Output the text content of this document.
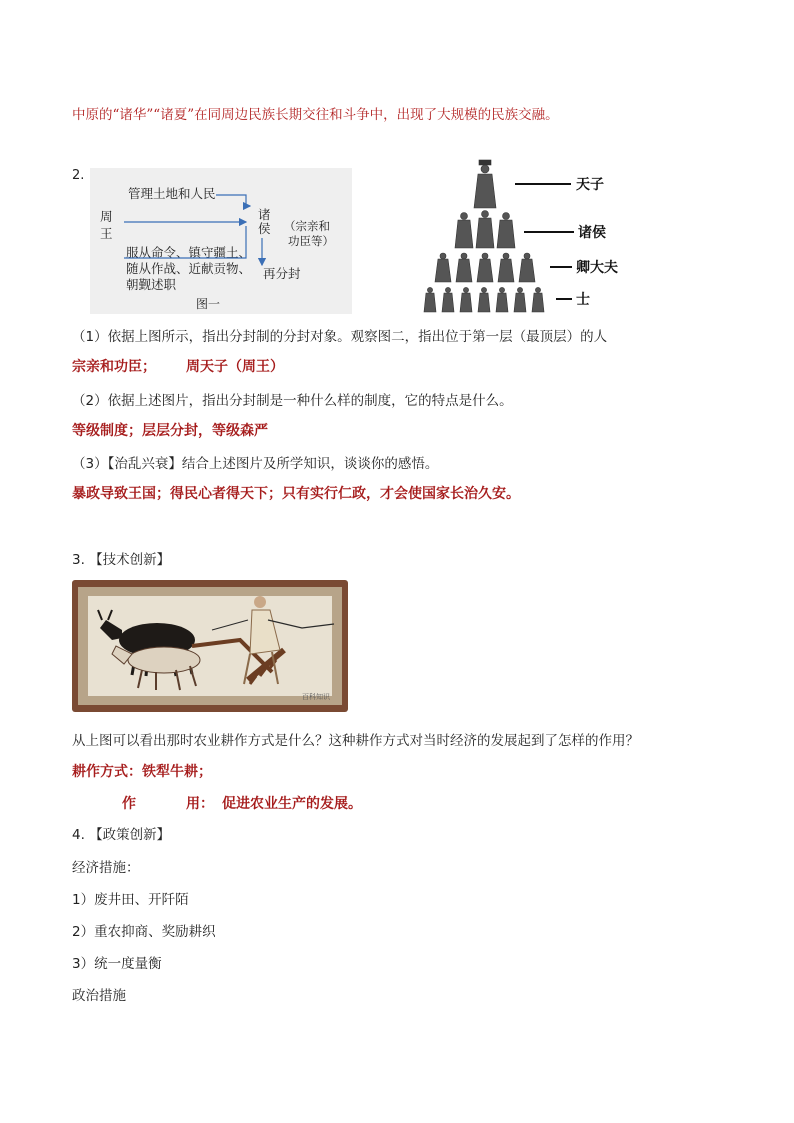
中原的“诸华”“诸夏”在同周边民族长期交往和斗争中，出现了大规模的民族交融。
2.
周
王
管理土地和人民
诸
侯 （宗亲和
功臣等）
服从命令、镇守疆土、
随从作战、近献贡物、
朝觐述职
再分封
图一
天子
诸侯
卿大夫
士
（1）依据上图所示，指出分封制的分封对象。观察图二，指出位于第一层（最顶层）的人
宗亲和功臣； 周天子（周王）
（2）依据上述图片，指出分封制是一种什么样的制度，它的特点是什么。
等级制度；层层分封，等级森严
（3）【治乱兴衰】结合上述图片及所学知识，谈谈你的感悟。
暴政导致王国；得民心者得天下；只有实行仁政，才会使国家长治久安。
3. 【技术创新】
百科知识
从上图可以看出那时农业耕作方式是什么？这种耕作方式对当时经济的发展起到了怎样的作用？
耕作方式：铁犁牛耕；
作	用： 促进农业生产的发展。
4. 【政策创新】
经济措施：
1）废井田、开阡陌
2）重农抑商、奖励耕织
3）统一度量衡
政治措施
